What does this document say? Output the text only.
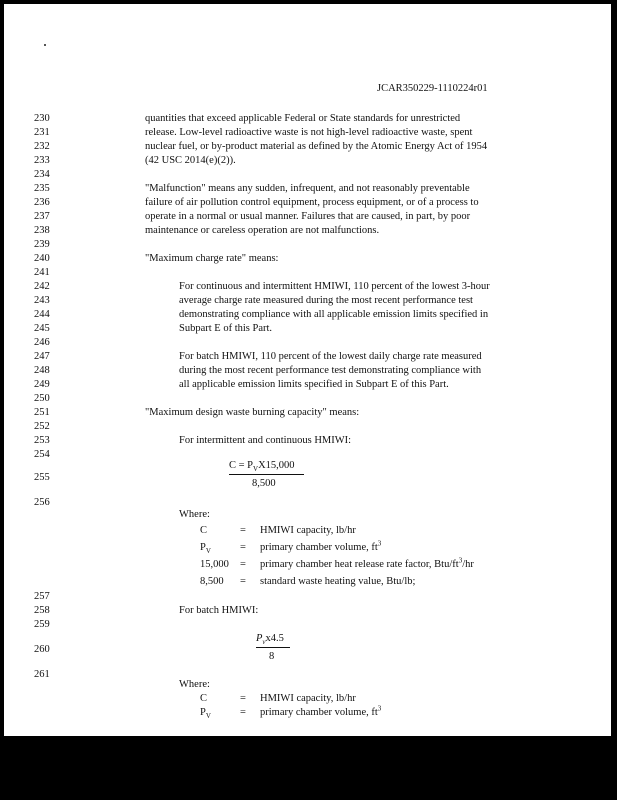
JCAR350229-1110224r01
230
231
232
233
234
235
236
237
238
239
240
241
242
243
244
245
246
247
248
249
250
251
252
253
254
255
256
257
258
259
260
261
quantities that exceed applicable Federal or State standards for unrestricted
release. Low-level radioactive waste is not high-level radioactive waste, spent
nuclear fuel, or by-product material as defined by the Atomic Energy Act of 1954
(42 USC 2014(e)(2)).
"Malfunction" means any sudden, infrequent, and not reasonably preventable
failure of air pollution control equipment, process equipment, or of a process to
operate in a normal or usual manner. Failures that are caused, in part, by poor
maintenance or careless operation are not malfunctions.
"Maximum charge rate" means:
For continuous and intermittent HMIWI, 110 percent of the lowest 3-hour
average charge rate measured during the most recent performance test
demonstrating compliance with all applicable emission limits specified in
Subpart E of this Part.
For batch HMIWI, 110 percent of the lowest daily charge rate measured
during the most recent performance test demonstrating compliance with
all applicable emission limits specified in Subpart E of this Part.
"Maximum design waste burning capacity" means:
For intermittent and continuous HMIWI:
$C = P_VX15,000$
8,500
Where:
C	= HMIWI capacity, lb/hr
$P_V$	= primary chamber volume, $ft^3$
15,000 = primary chamber heat release rate factor, Btu/$ft^3/hr$
8,500 = standard waste heating value, Btu/lb;
For batch HMIWI:
$P_vx4.5$
8
Where:
C	= HMIWI capacity, lb/hr
$P_V$	= primary chamber volume, $ft^3$
